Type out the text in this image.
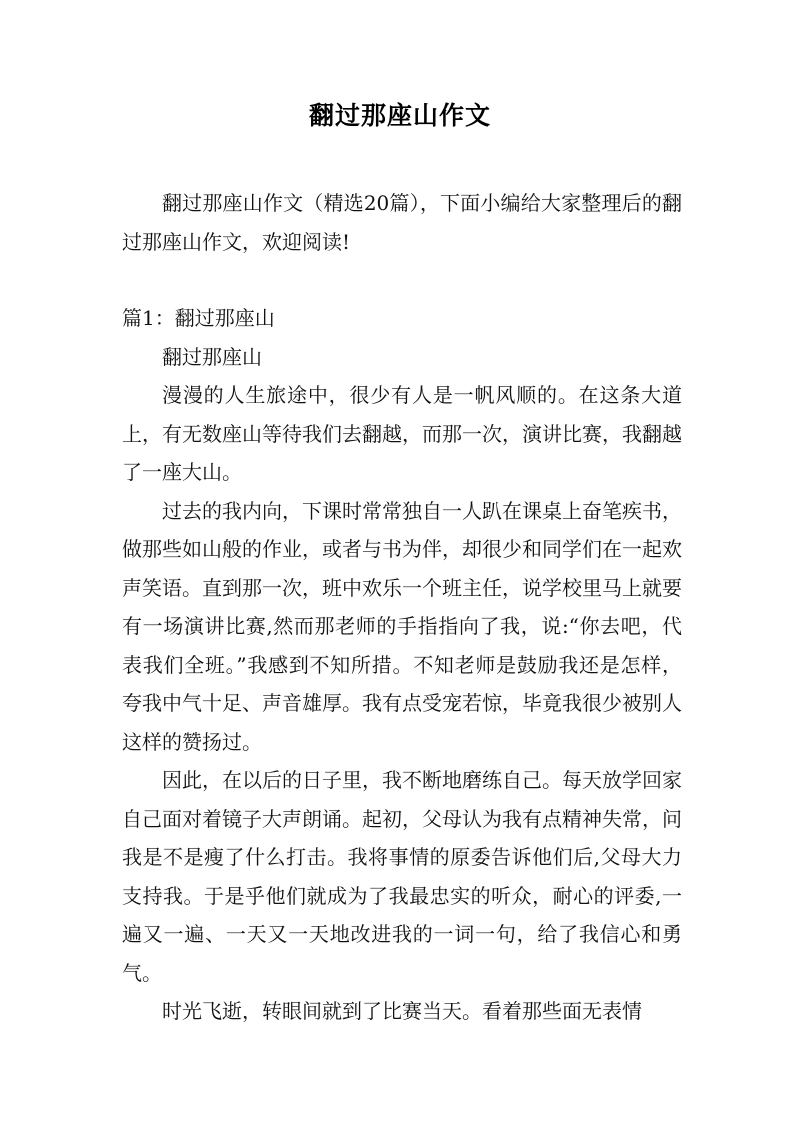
翻过那座山作文

翻过那座山作文（精选20篇），下面小编给大家整理后的翻过那座山作文，欢迎阅读!

篇1：翻过那座山

翻过那座山

漫漫的人生旅途中，很少有人是一帆风顺的。在这条大道上，有无数座山等待我们去翻越，而那一次，演讲比赛，我翻越了一座大山。

过去的我内向，下课时常常独自一人趴在课桌上奋笔疾书，做那些如山般的作业，或者与书为伴，却很少和同学们在一起欢声笑语。直到那一次，班中欢乐一个班主任，说学校里马上就要有一场演讲比赛,然而那老师的手指指向了我，说:“你去吧，代表我们全班。”我感到不知所措。不知老师是鼓励我还是怎样，夸我中气十足、声音雄厚。我有点受宠若惊，毕竟我很少被别人这样的赞扬过。

因此，在以后的日子里，我不断地磨练自己。每天放学回家自己面对着镜子大声朗诵。起初，父母认为我有点精神失常，问我是不是瘦了什么打击。我将事情的原委告诉他们后,父母大力支持我。于是乎他们就成为了我最忠实的听众，耐心的评委,一遍又一遍、一天又一天地改进我的一词一句，给了我信心和勇气。

时光飞逝，转眼间就到了比赛当天。看着那些面无表情
